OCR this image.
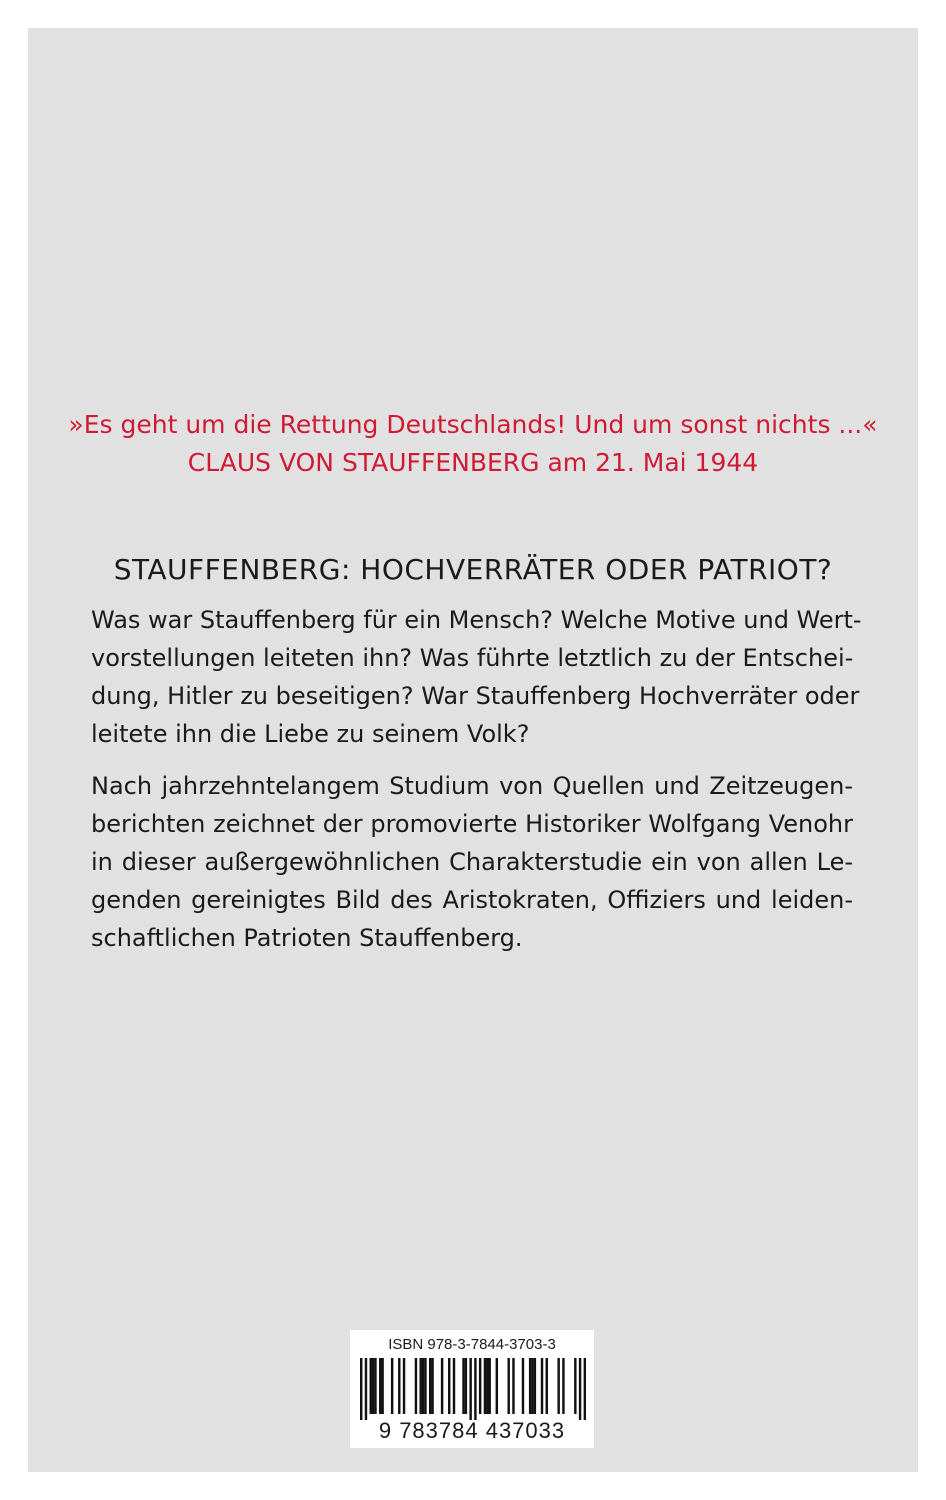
»Es geht um die Rettung Deutschlands! Und um sonst nichts ...«
CLAUS VON STAUFFENBERG am 21. Mai 1944
STAUFFENBERG: HOCHVERRÄTER ODER PATRIOT?
Was war Stauffenberg für ein Mensch? Welche Motive und Wert-
vorstellungen leiteten ihn? Was führte letztlich zu der Entschei-
dung, Hitler zu beseitigen? War Stauffenberg Hochverräter oder
leitete ihn die Liebe zu seinem Volk?
Nach jahrzehntelangem Studium von Quellen und Zeitzeugen-
berichten zeichnet der promovierte Historiker Wolfgang Venohr
in dieser außergewöhnlichen Charakterstudie ein von allen Le-
genden gereinigtes Bild des Aristokraten, Offiziers und leiden-
schaftlichen Patrioten Stauffenberg.
ISBN 978-3-7844-3703-3
9 783784 437033
